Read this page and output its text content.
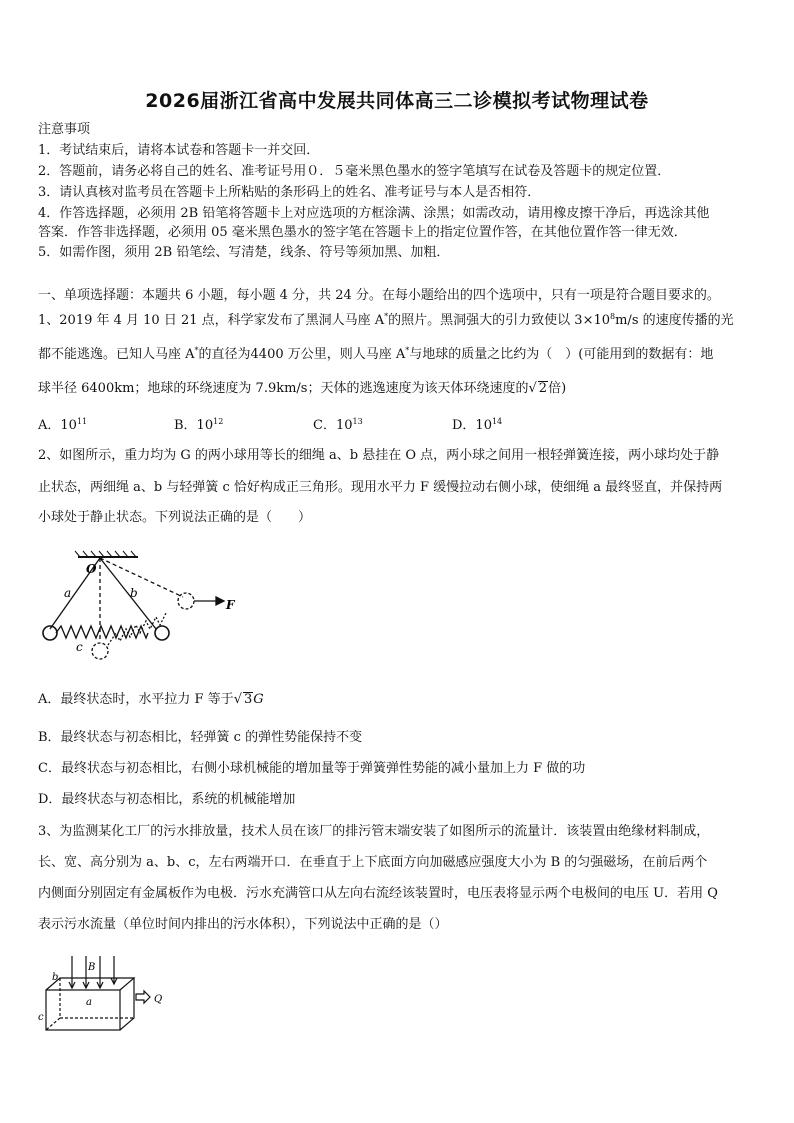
2026届浙江省高中发展共同体高三二诊模拟考试物理试卷
注意事项
1．考试结束后，请将本试卷和答题卡一并交回．
2．答题前，请务必将自己的姓名、准考证号用０．５毫米黑色墨水的签字笔填写在试卷及答题卡的规定位置．
3．请认真核对监考员在答题卡上所粘贴的条形码上的姓名、准考证号与本人是否相符．
4．作答选择题，必须用 2B 铅笔将答题卡上对应选项的方框涂满、涂黑；如需改动，请用橡皮擦干净后，再选涂其他
答案．作答非选择题，必须用 05 毫米黑色墨水的签字笔在答题卡上的指定位置作答，在其他位置作答一律无效．
5．如需作图，须用 2B 铅笔绘、写清楚，线条、符号等须加黑、加粗．
一、单项选择题：本题共 6 小题，每小题 4 分，共 24 分。在每小题给出的四个选项中，只有一项是符合题目要求的。
1、2019 年 4 月 10 日 21 点，科学家发布了黑洞人马座 A*的照片。黑洞强大的引力致使以 $3\times 10^8m/s$ 的速度传播的光
都不能逃逸。已知人马座 A*的直径为4400 万公里，则人马座 A*与地球的质量之比约为（　）(可能用到的数据有：地
球半径 6400km；地球的环绕速度为 7.9km/s；天体的逃逸速度为该天体环绕速度的√ 2倍)
A．$10^{11}$	B．$10^{12}$	C．$10^{13}$	D．$10^{14}$
2、如图所示，重力均为 G 的两小球用等长的细绳 a、b 悬挂在 O 点，两小球之间用一根轻弹簧连接，两小球均处于静
止状态，两细绳 a、b 与轻弹簧 c 恰好构成正三角形。现用水平力 F 缓慢拉动右侧小球，使细绳 a 最终竖直，并保持两
小球处于静止状态。下列说法正确的是（　　）
O
a	b
c
F
A．最终状态时，水平拉力 F 等于√ 3G
B．最终状态与初态相比，轻弹簧 c 的弹性势能保持不变
C．最终状态与初态相比，右侧小球机械能的增加量等于弹簧弹性势能的减小量加上力 F 做的功
D．最终状态与初态相比，系统的机械能增加
3、为监测某化工厂的污水排放量，技术人员在该厂的排污管末端安装了如图所示的流量计．该装置由绝缘材料制成，
长、宽、高分别为 a、b、c，左右两端开口．在垂直于上下底面方向加磁感应强度大小为 B 的匀强磁场，在前后两个
内侧面分别固定有金属板作为电极．污水充满管口从左向右流经该装置时，电压表将显示两个电极间的电压 U．若用 Q
表示污水流量（单位时间内排出的污水体积），下列说法中正确的是（）
b
B
a
c
Q
